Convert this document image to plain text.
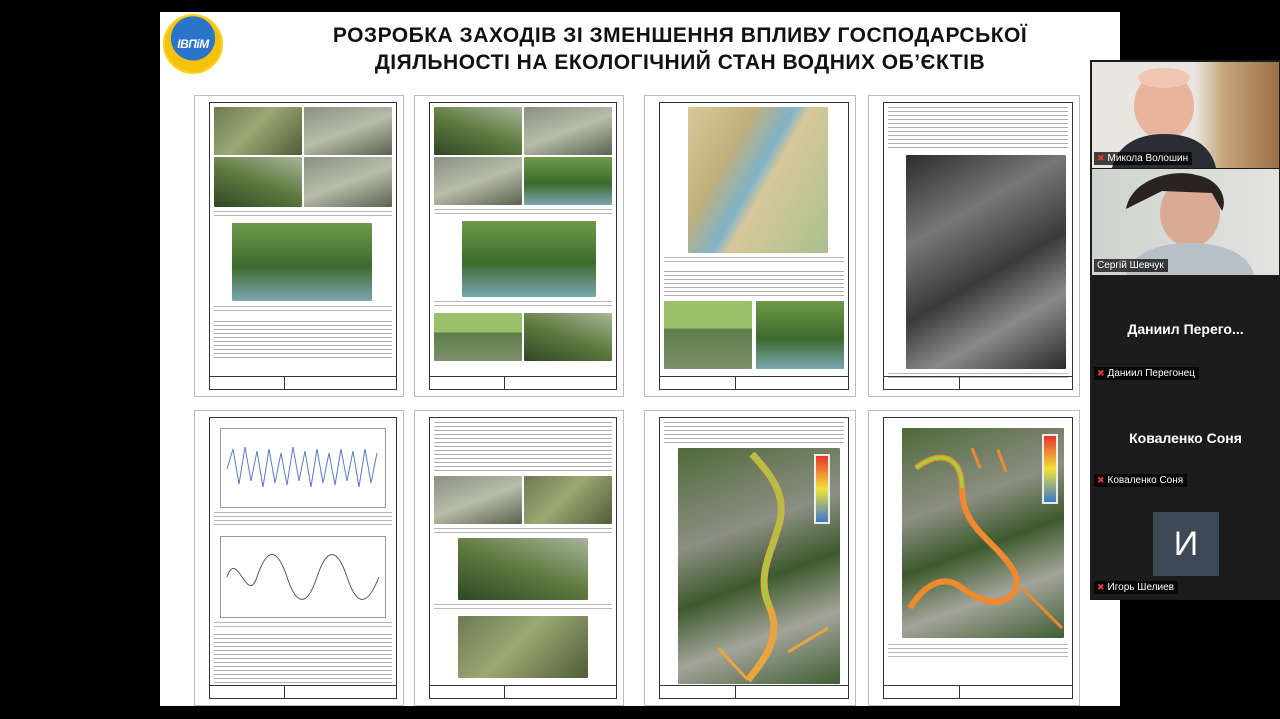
ІВПіМ	РОЗРОБКА ЗАХОДІВ ЗІ ЗМЕНШЕННЯ ВПЛИВУ ГОСПОДАРСЬКОЇ
ДІЯЛЬНОСТІ НА ЕКОЛОГІЧНИЙ СТАН ВОДНИХ ОБ’ЄКТІВ
✖ Микола Волошин
Сергій Шевчук
Даниил Перего...
✖ Даниил Перегонец
Коваленко Соня
✖ Коваленко Соня
✖ Игорь Шелиев
И
